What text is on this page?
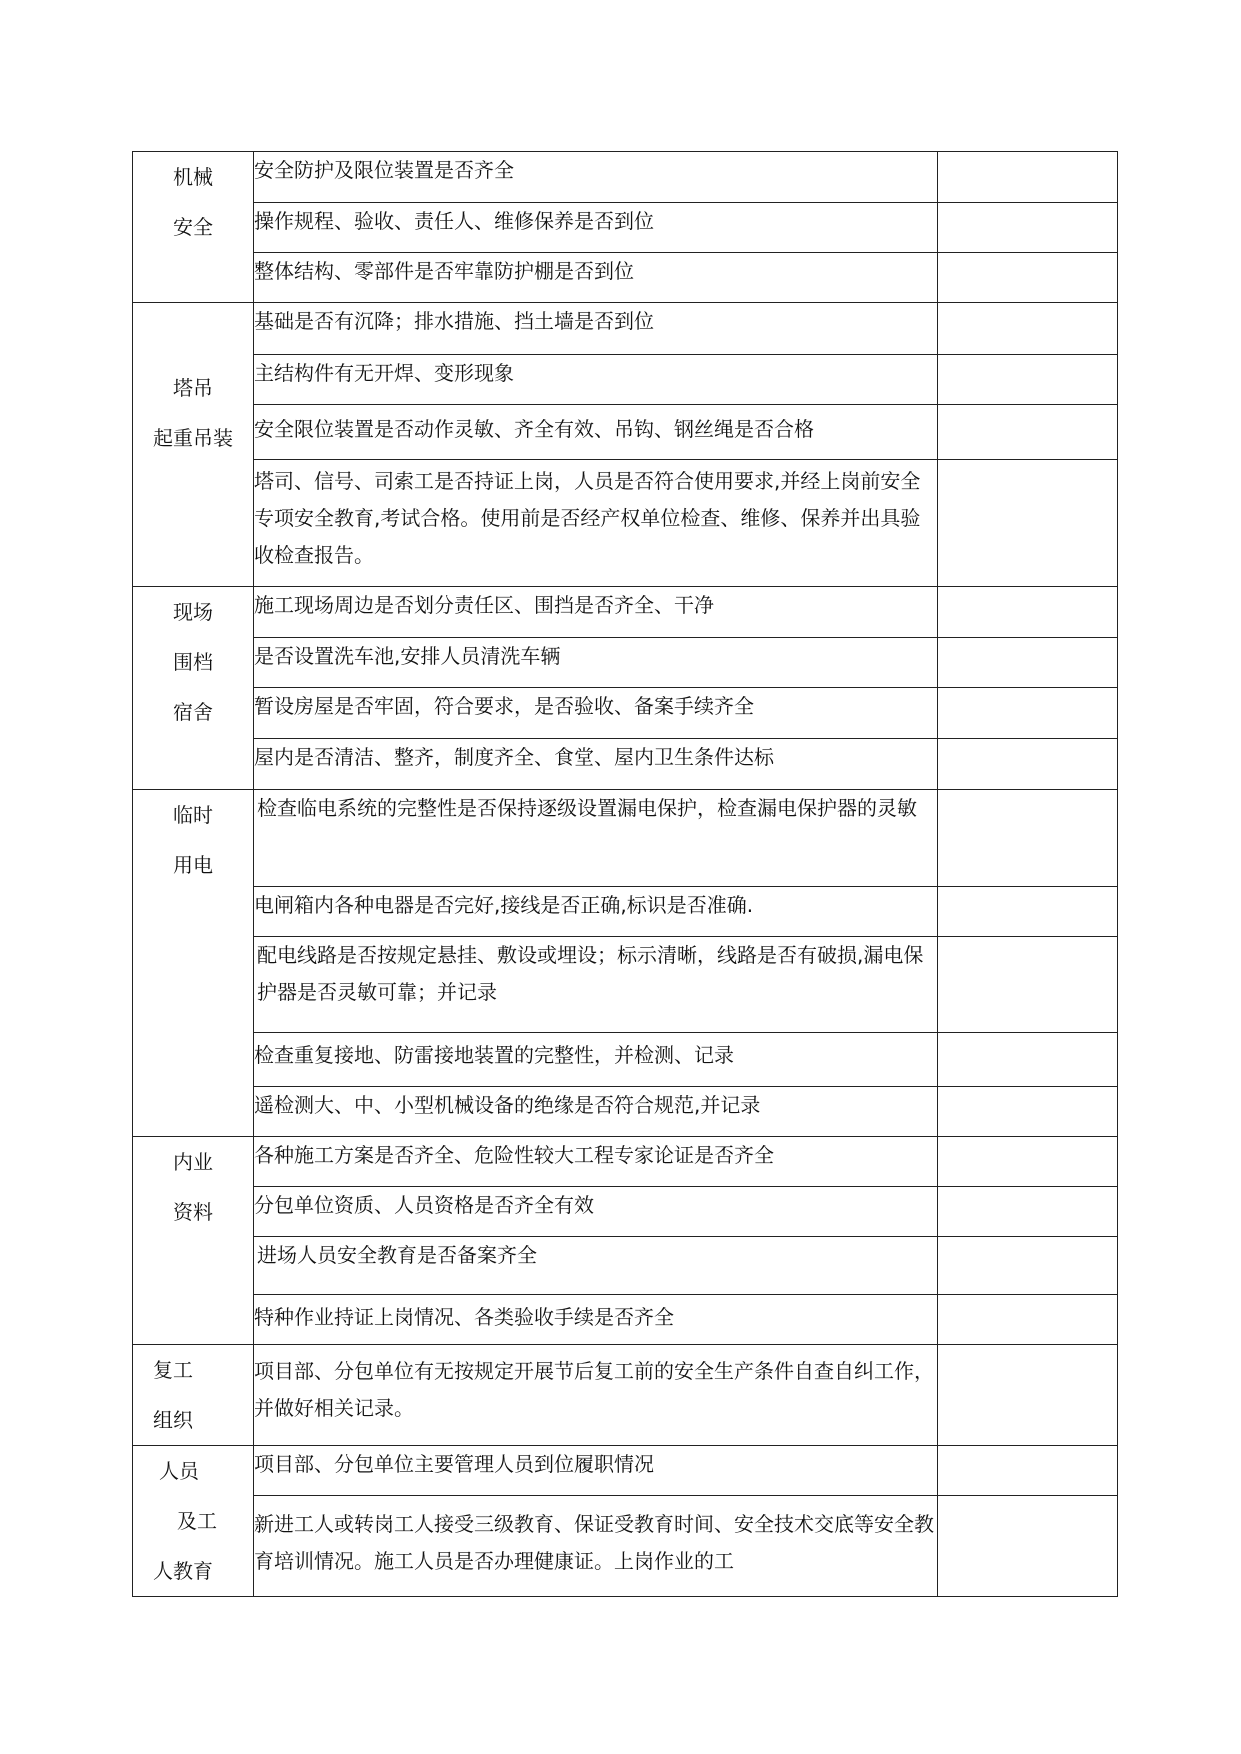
机械
安全	安全防护及限位装置是否齐全	
	操作规程、验收、责任人、维修保养是否到位	
	整体结构、零部件是否牢靠防护棚是否到位	

塔吊
起重吊装	基础是否有沉降；排水措施、挡土墙是否到位	
	主结构件有无开焊、变形现象	
	安全限位装置是否动作灵敏、齐全有效、吊钩、钢丝绳是否合格	
	塔司、信号、司索工是否持证上岗，人员是否符合使用要求,并经上岗前安全专项安全教育,考试合格。使用前是否经产权单位检查、维修、保养并出具验收检查报告。	

现场
围档
宿舍	施工现场周边是否划分责任区、围挡是否齐全、干净	
	是否设置洗车池,安排人员清洗车辆	
	暂设房屋是否牢固，符合要求，是否验收、备案手续齐全	
	屋内是否清洁、整齐，制度齐全、食堂、屋内卫生条件达标	

临时
用电	检查临电系统的完整性是否保持逐级设置漏电保护，检查漏电保护器的灵敏	
	电闸箱内各种电器是否完好,接线是否正确,标识是否准确.	
	配电线路是否按规定悬挂、敷设或埋设；标示清晰，线路是否有破损,漏电保护器是否灵敏可靠；并记录	
	检查重复接地、防雷接地装置的完整性，并检测、记录	
	遥检测大、中、小型机械设备的绝缘是否符合规范,并记录	

内业
资料	各种施工方案是否齐全、危险性较大工程专家论证是否齐全	
	分包单位资质、人员资格是否齐全有效	
	进场人员安全教育是否备案齐全	
	特种作业持证上岗情况、各类验收手续是否齐全	

复工
组织	项目部、分包单位有无按规定开展节后复工前的安全生产条件自查自纠工作，并做好相关记录。	

人员
及工
人教育	项目部、分包单位主要管理人员到位履职情况	
	新进工人或转岗工人接受三级教育、保证受教育时间、安全技术交底等安全教育培训情况。施工人员是否办理健康证。上岗作业的工	
